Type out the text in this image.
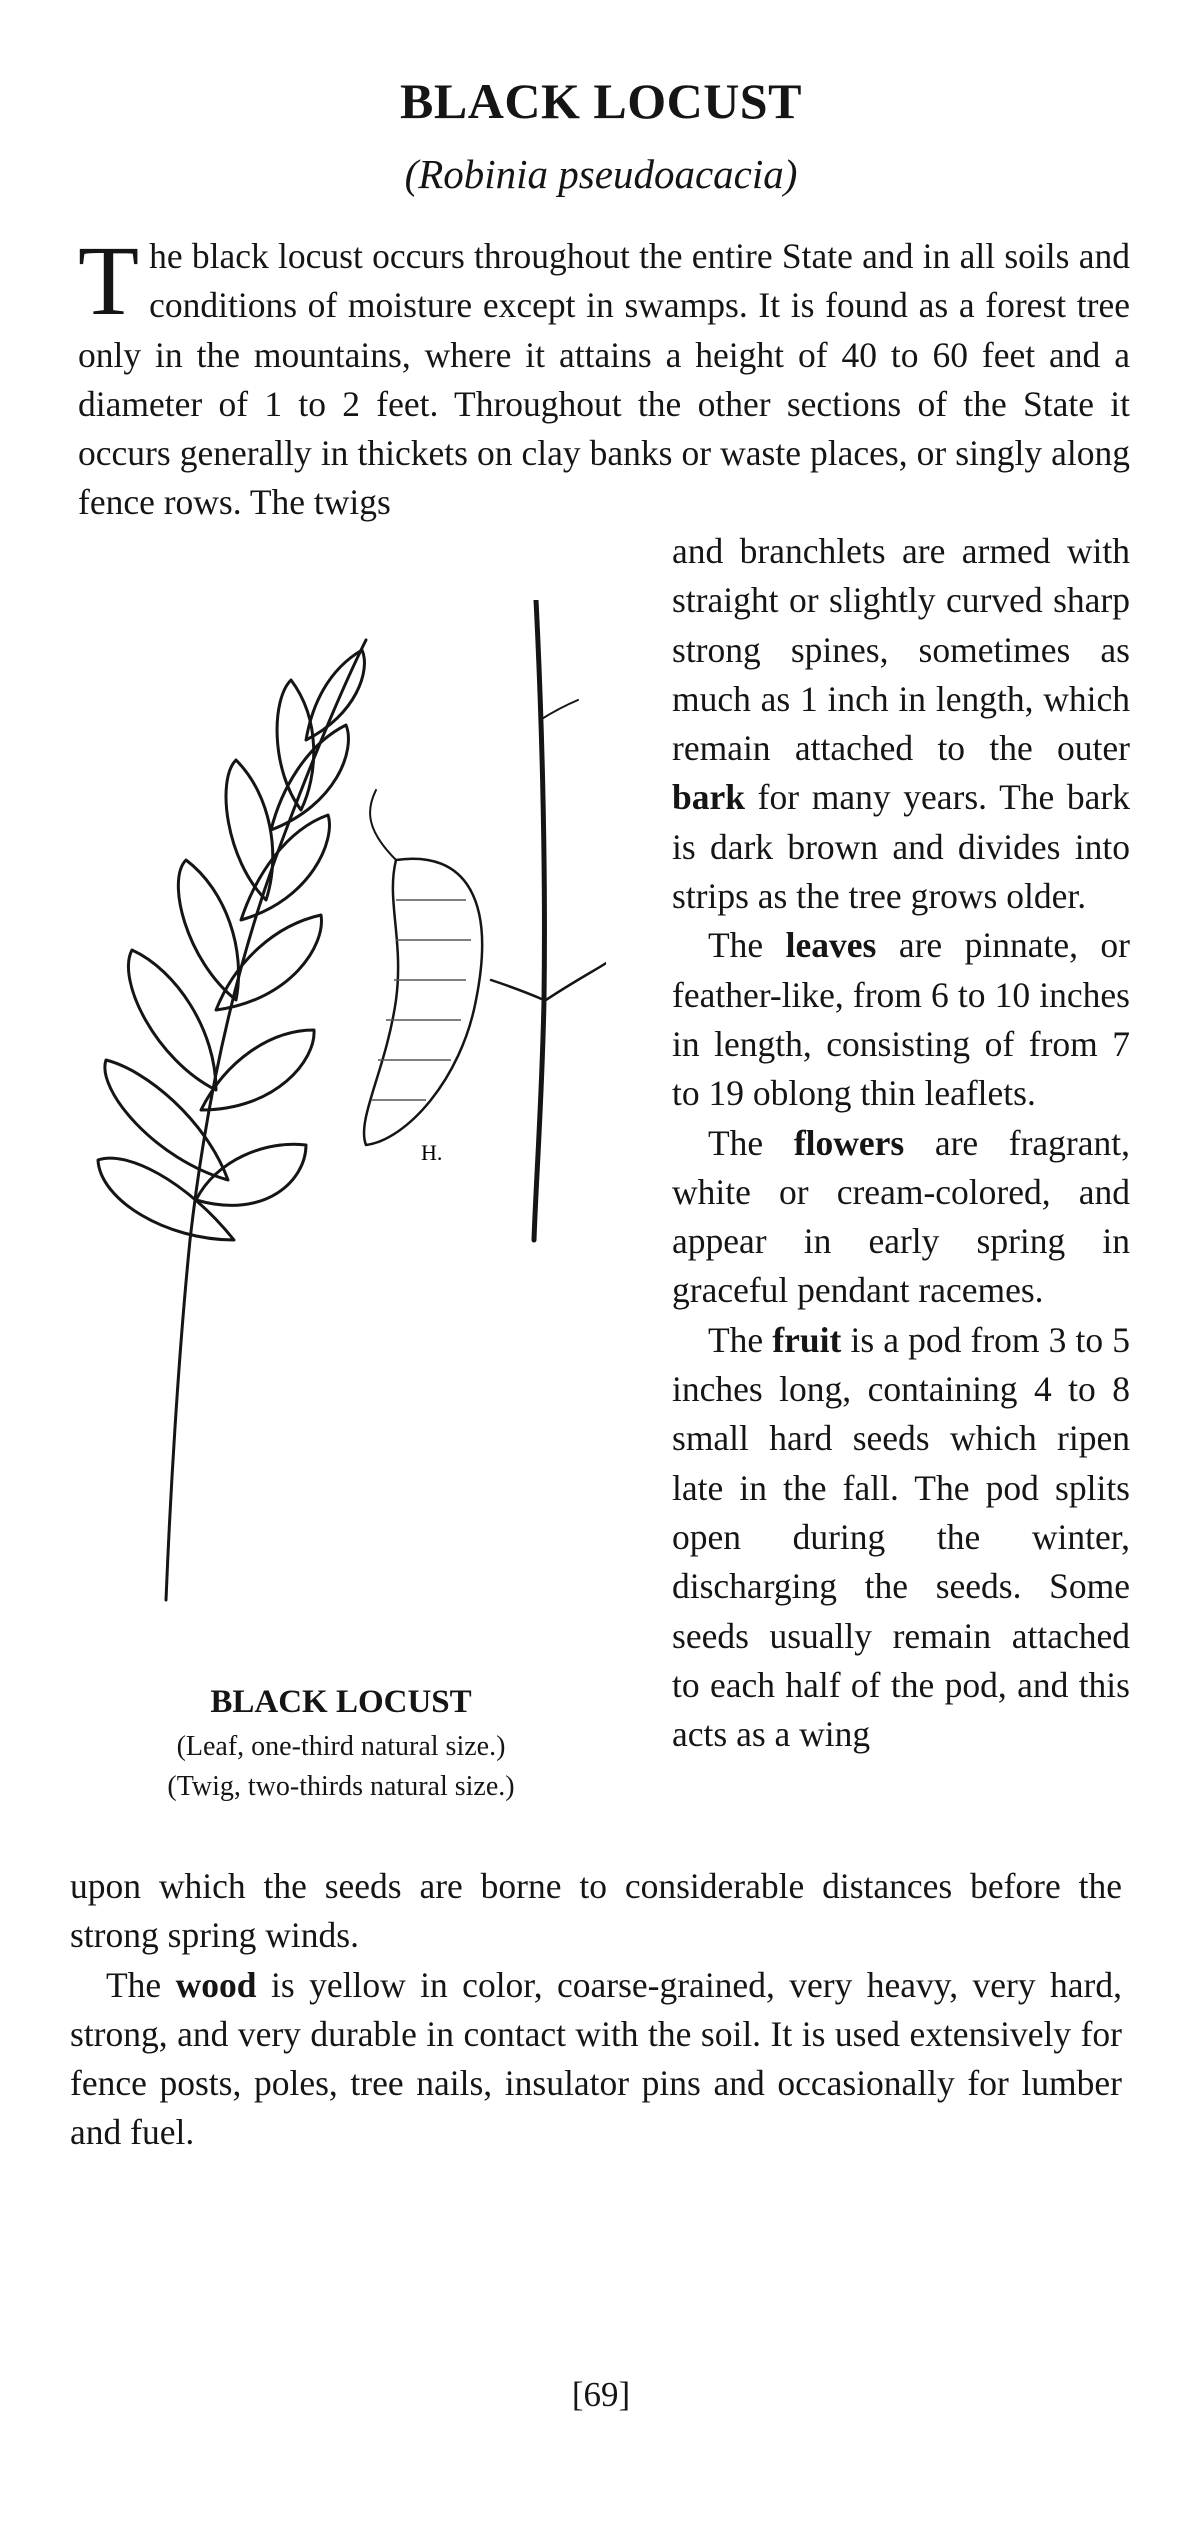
BLACK LOCUST
(Robinia pseudoacacia)

The black locust occurs throughout the entire State and in all soils and conditions of moisture except in swamps. It is found as a forest tree only in the mountains, where it attains a height of 40 to 60 feet and a diameter of 1 to 2 feet. Throughout the other sections of the State it occurs generally in thickets on clay banks or waste places, or singly along fence rows. The twigs

and branchlets are armed with straight or slightly curved sharp strong spines, sometimes as much as 1 inch in length, which remain attached to the outer bark for many years. The bark is dark brown and divides into strips as the tree grows older.

The leaves are pinnate, or feather-like, from 6 to 10 inches in length, consisting of from 7 to 19 oblong thin leaflets.

The flowers are fragrant, white or cream-colored, and appear in early spring in graceful pendant racemes.

The fruit is a pod from 3 to 5 inches long, containing 4 to 8 small hard seeds which ripen late in the fall. The pod splits open during the winter, discharging the seeds. Some seeds usually remain attached to each half of the pod, and this acts as a wing

H.
BLACK LOCUST
(Leaf, one-third natural size.)
(Twig, two-thirds natural size.)

upon which the seeds are borne to considerable distances before the strong spring winds.

The wood is yellow in color, coarse-grained, very heavy, very hard, strong, and very durable in contact with the soil. It is used extensively for fence posts, poles, tree nails, insulator pins and occasionally for lumber and fuel.

[69]
